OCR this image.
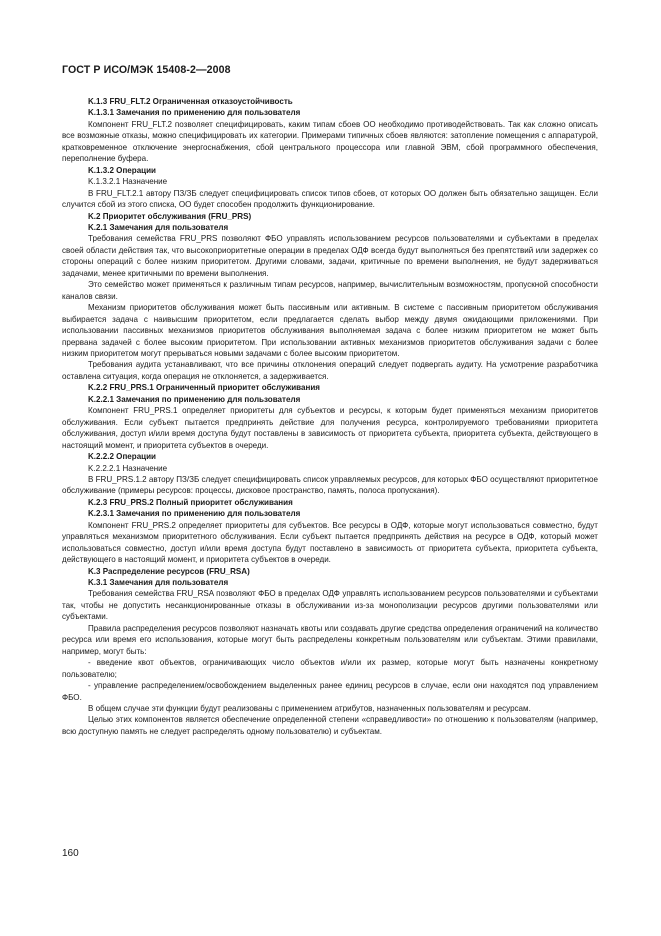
ГОСТ Р ИСО/МЭК 15408-2—2008

K.1.3 FRU_FLT.2 Ограниченная отказоустойчивость

K.1.3.1 Замечания по применению для пользователя

Компонент FRU_FLT.2 позволяет специфицировать, каким типам сбоев ОО необходимо противодействовать. Так как сложно описать все возможные отказы, можно специфицировать их категории. Примерами типичных сбоев являются: затопление помещения с аппаратурой, кратковременное отключение энергоснабжения, сбой центрального процессора или главной ЭВМ, сбой программного обеспечения, переполнение буфера.

K.1.3.2 Операции

K.1.3.2.1 Назначение

В FRU_FLT.2.1 автору ПЗ/ЗБ следует специфицировать список типов сбоев, от которых ОО должен быть обязательно защищен. Если случится сбой из этого списка, ОО будет способен продолжить функционирование.

K.2 Приоритет обслуживания (FRU_PRS)

K.2.1 Замечания для пользователя

Требования семейства FRU_PRS позволяют ФБО управлять использованием ресурсов пользователями и субъектами в пределах своей области действия так, что высокоприоритетные операции в пределах ОДФ всегда будут выполняться без препятствий или задержек со стороны операций с более низким приоритетом. Другими словами, задачи, критичные по времени выполнения, не будут задерживаться задачами, менее критичными по времени выполнения.

Это семейство может применяться к различным типам ресурсов, например, вычислительным возможностям, пропускной способности каналов связи.

Механизм приоритетов обслуживания может быть пассивным или активным. В системе с пассивным приоритетом обслуживания выбирается задача с наивысшим приоритетом, если предлагается сделать выбор между двумя ожидающими приложениями. При использовании пассивных механизмов приоритетов обслуживания выполняемая задача с более низким приоритетом не может быть прервана задачей с более высоким приоритетом. При использовании активных механизмов приоритетов обслуживания задачи с более низким приоритетом могут прерываться новыми задачами с более высоким приоритетом.

Требования аудита устанавливают, что все причины отклонения операций следует подвергать аудиту. На усмотрение разработчика оставлена ситуация, когда операция не отклоняется, а задерживается.

K.2.2 FRU_PRS.1 Ограниченный приоритет обслуживания

K.2.2.1 Замечания по применению для пользователя

Компонент FRU_PRS.1 определяет приоритеты для субъектов и ресурсы, к которым будет применяться механизм приоритетов обслуживания. Если субъект пытается предпринять действие для получения ресурса, контролируемого требованиями приоритета обслуживания, доступ и/или время доступа будут поставлены в зависимость от приоритета субъекта, приоритета субъекта, действующего в настоящий момент, и приоритета субъектов в очереди.

K.2.2.2 Операции

K.2.2.2.1 Назначение

В FRU_PRS.1.2 автору ПЗ/ЗБ следует специфицировать список управляемых ресурсов, для которых ФБО осуществляют приоритетное обслуживание (примеры ресурсов: процессы, дисковое пространство, память, полоса пропускания).

K.2.3 FRU_PRS.2 Полный приоритет обслуживания

K.2.3.1 Замечания по применению для пользователя

Компонент FRU_PRS.2 определяет приоритеты для субъектов. Все ресурсы в ОДФ, которые могут использоваться совместно, будут управляться механизмом приоритетного обслуживания. Если субъект пытается предпринять действия на ресурсе в ОДФ, который может использоваться совместно, доступ и/или время доступа будут поставлено в зависимость от приоритета субъекта, приоритета субъекта, действующего в настоящий момент, и приоритета субъектов в очереди.

K.3 Распределение ресурсов (FRU_RSA)

K.3.1 Замечания для пользователя

Требования семейства FRU_RSA позволяют ФБО в пределах ОДФ управлять использованием ресурсов пользователями и субъектами так, чтобы не допустить несанкционированные отказы в обслуживании из-за монополизации ресурсов другими пользователями или субъектами.

Правила распределения ресурсов позволяют назначать квоты или создавать другие средства определения ограничений на количество ресурса или время его использования, которые могут быть распределены конкретным пользователям или субъектам. Этими правилами, например, могут быть:

- введение квот объектов, ограничивающих число объектов и/или их размер, которые могут быть назначены конкретному пользователю;

- управление распределением/освобождением выделенных ранее единиц ресурсов в случае, если они находятся под управлением ФБО.

В общем случае эти функции будут реализованы с применением атрибутов, назначенных пользователям и ресурсам.

Целью этих компонентов является обеспечение определенной степени «справедливости» по отношению к пользователям (например, всю доступную память не следует распределять одному пользователю) и субъектам.

160
